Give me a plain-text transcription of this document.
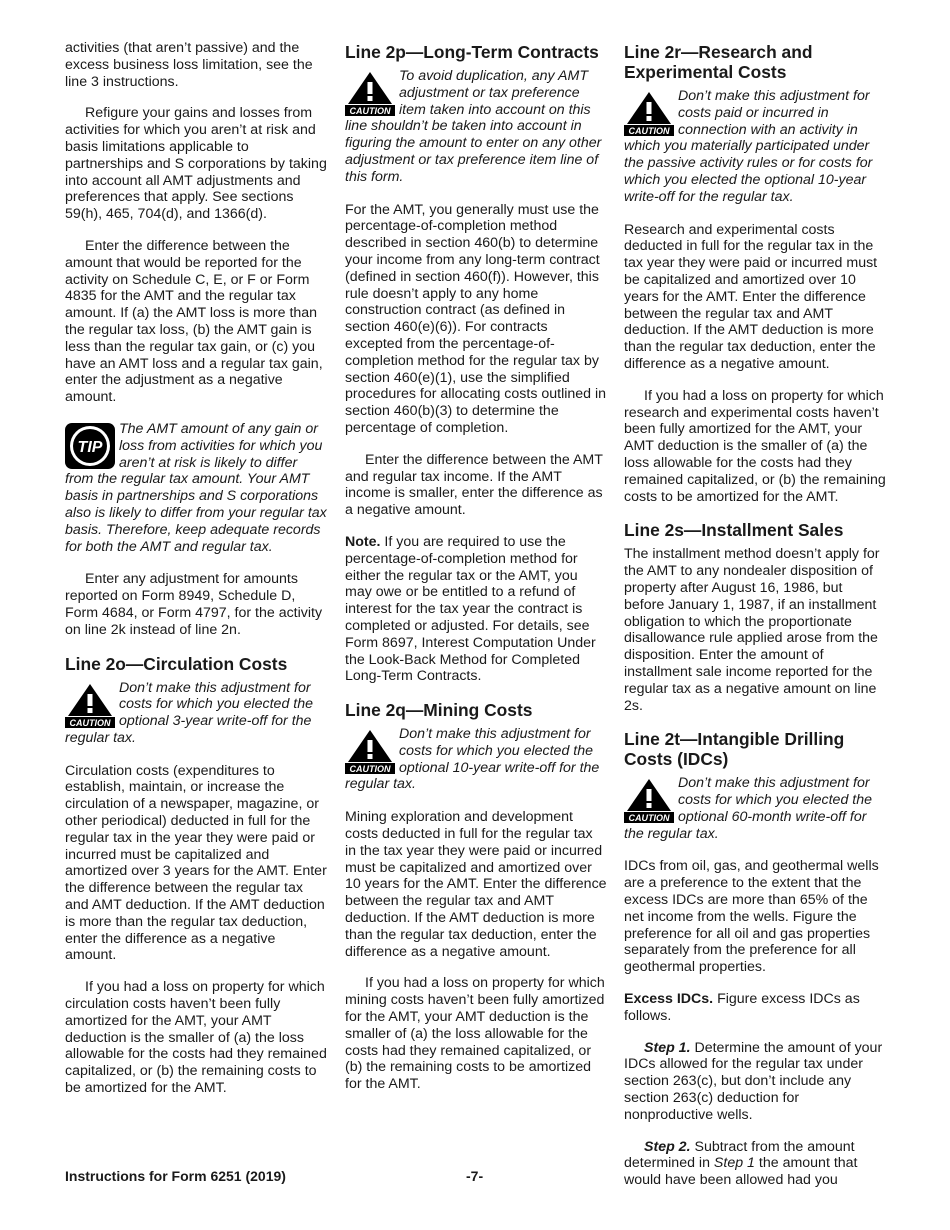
activities (that aren’t passive) and the excess business loss limitation, see the line 3 instructions.

Refigure your gains and losses from activities for which you aren’t at risk and basis limitations applicable to partnerships and S corporations by taking into account all AMT adjustments and preferences that apply. See sections 59(h), 465, 704(d), and 1366(d).

Enter the difference between the amount that would be reported for the activity on Schedule C, E, or F or Form 4835 for the AMT and the regular tax amount. If (a) the AMT loss is more than the regular tax loss, (b) the AMT gain is less than the regular tax gain, or (c) you have an AMT loss and a regular tax gain, enter the adjustment as a negative amount.

TIP
The AMT amount of any gain or loss from activities for which you aren’t at risk is likely to differ from the regular tax amount. Your AMT basis in partnerships and S corporations also is likely to differ from your regular tax basis. Therefore, keep adequate records for both the AMT and regular tax.

Enter any adjustment for amounts reported on Form 8949, Schedule D, Form 4684, or Form 4797, for the activity on line 2k instead of line 2n.

Line 2o—Circulation Costs
CAUTION
Don’t make this adjustment for costs for which you elected the optional 3-year write-off for the regular tax.

Circulation costs (expenditures to establish, maintain, or increase the circulation of a newspaper, magazine, or other periodical) deducted in full for the regular tax in the year they were paid or incurred must be capitalized and amortized over 3 years for the AMT. Enter the difference between the regular tax and AMT deduction. If the AMT deduction is more than the regular tax deduction, enter the difference as a negative amount.

If you had a loss on property for which circulation costs haven’t been fully amortized for the AMT, your AMT deduction is the smaller of (a) the loss allowable for the costs had they remained capitalized, or (b) the remaining costs to be amortized for the AMT.

Line 2p—Long-Term Contracts
CAUTION
To avoid duplication, any AMT adjustment or tax preference item taken into account on this line shouldn’t be taken into account in figuring the amount to enter on any other adjustment or tax preference item line of this form.

For the AMT, you generally must use the percentage-of-completion method described in section 460(b) to determine your income from any long-term contract (defined in section 460(f)). However, this rule doesn’t apply to any home construction contract (as defined in section 460(e)(6)). For contracts excepted from the percentage-of-completion method for the regular tax by section 460(e)(1), use the simplified procedures for allocating costs outlined in section 460(b)(3) to determine the percentage of completion.

Enter the difference between the AMT and regular tax income. If the AMT income is smaller, enter the difference as a negative amount.

Note. If you are required to use the percentage-of-completion method for either the regular tax or the AMT, you may owe or be entitled to a refund of interest for the tax year the contract is completed or adjusted. For details, see Form 8697, Interest Computation Under the Look-Back Method for Completed Long-Term Contracts.

Line 2q—Mining Costs
CAUTION
Don’t make this adjustment for costs for which you elected the optional 10-year write-off for the regular tax.

Mining exploration and development costs deducted in full for the regular tax in the tax year they were paid or incurred must be capitalized and amortized over 10 years for the AMT. Enter the difference between the regular tax and AMT deduction. If the AMT deduction is more than the regular tax deduction, enter the difference as a negative amount.

If you had a loss on property for which mining costs haven’t been fully amortized for the AMT, your AMT deduction is the smaller of (a) the loss allowable for the costs had they remained capitalized, or (b) the remaining costs to be amortized for the AMT.

Line 2r—Research and Experimental Costs
CAUTION
Don’t make this adjustment for costs paid or incurred in connection with an activity in which you materially participated under the passive activity rules or for costs for which you elected the optional 10-year write-off for the regular tax.

Research and experimental costs deducted in full for the regular tax in the tax year they were paid or incurred must be capitalized and amortized over 10 years for the AMT. Enter the difference between the regular tax and AMT deduction. If the AMT deduction is more than the regular tax deduction, enter the difference as a negative amount.

If you had a loss on property for which research and experimental costs haven’t been fully amortized for the AMT, your AMT deduction is the smaller of (a) the loss allowable for the costs had they remained capitalized, or (b) the remaining costs to be amortized for the AMT.

Line 2s—Installment Sales

The installment method doesn’t apply for the AMT to any nondealer disposition of property after August 16, 1986, but before January 1, 1987, if an installment obligation to which the proportionate disallowance rule applied arose from the disposition. Enter the amount of installment sale income reported for the regular tax as a negative amount on line 2s.

Line 2t—Intangible Drilling Costs (IDCs)
CAUTION
Don’t make this adjustment for costs for which you elected the optional 60-month write-off for the regular tax.

IDCs from oil, gas, and geothermal wells are a preference to the extent that the excess IDCs are more than 65% of the net income from the wells. Figure the preference for all oil and gas properties separately from the preference for all geothermal properties.

Excess IDCs. Figure excess IDCs as follows.

Step 1. Determine the amount of your IDCs allowed for the regular tax under section 263(c), but don’t include any section 263(c) deduction for nonproductive wells.

Step 2. Subtract from the amount determined in Step 1 the amount that would have been allowed had you

Instructions for Form 6251 (2019)	-7-
